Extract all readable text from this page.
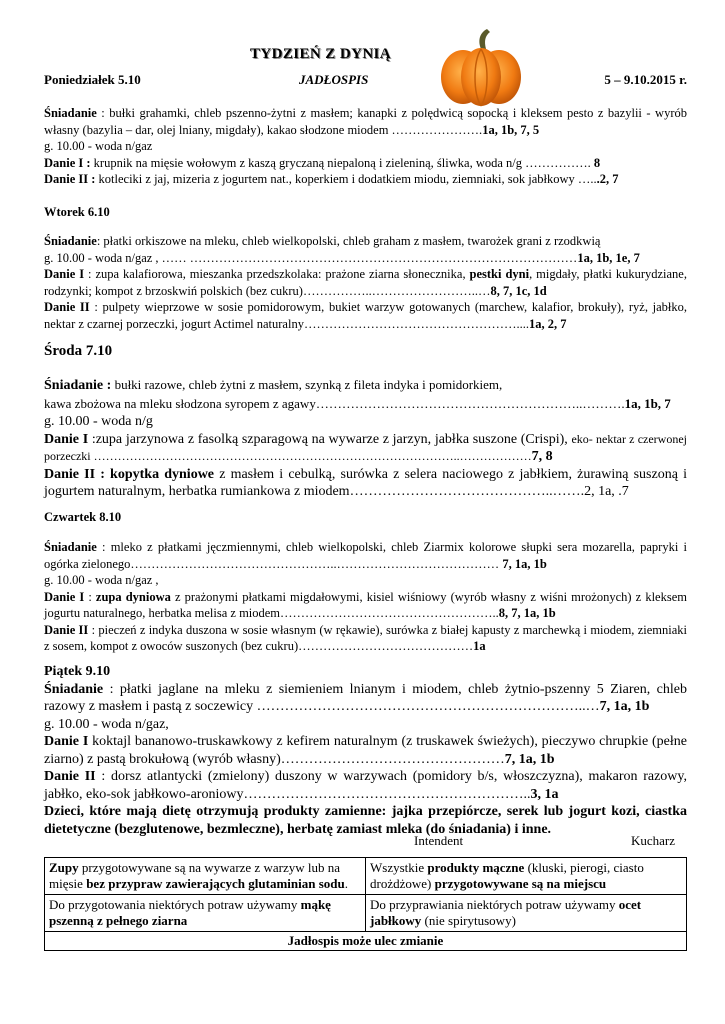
TYDZIEŃ Z DYNIĄ
Poniedziałek 5.10	JADŁOSPIS	5 – 9.10.2015 r.

Śniadanie : bułki grahamki, chleb pszenno-żytni z masłem; kanapki z polędwicą sopocką i kleksem pesto z bazylii - wyrób własny (bazylia – dar, olej lniany, migdały), kakao słodzone miodem ………………….1a, 1b, 7, 5

g. 10.00 - woda n/gaz

Danie I : krupnik na mięsie wołowym z kaszą gryczaną niepaloną i zieleniną, śliwka, woda n/g ……………. 8

Danie II : kotleciki z jaj, mizeria z jogurtem nat., koperkiem i dodatkiem miodu, ziemniaki, sok jabłkowy …...2, 7

Wtorek 6.10

Śniadanie: płatki orkiszowe na mleku, chleb wielkopolski, chleb graham z masłem, twarożek grani z rzodkwią

g. 10.00 - woda n/gaz , …… …………………………………………………………………………………1a, 1b, 1e, 7

Danie I : zupa kalafiorowa, mieszanka przedszkolaka: prażone ziarna słonecznika, pestki dyni, migdały, płatki kukurydziane, rodzynki; kompot z brzoskwiń polskich (bez cukru)……………..……………………..…8, 7, 1c, 1d

Danie II : pulpety wieprzowe w sosie pomidorowym, bukiet warzyw gotowanych (marchew, kalafior, brokuły), ryż, jabłko, nektar z czarnej porzeczki, jogurt Actimel naturalny……………………………………………....1a, 2, 7

Środa 7.10

Śniadanie : bułki razowe, chleb żytni z masłem, szynką z fileta indyka i pomidorkiem,

kawa zbożowa na mleku słodzona syropem z agawy……………………………………………………..……….1a, 1b, 7

g. 10.00 - woda n/g

Danie I :zupa jarzynowa z fasolką szparagową na wywarze z jarzyn, jabłka suszone (Crispi), eko- nektar z czerwonej porzeczki ………………………………………………………………………………..………………7, 8

Danie II : kopytka dyniowe z masłem i cebulką, surówka z selera naciowego z jabłkiem, żurawiną suszoną i jogurtem naturalnym, herbatka rumiankowa z miodem……………………………………..…….2, 1a, .7

Czwartek 8.10

Śniadanie : mleko z płatkami jęczmiennymi, chleb wielkopolski, chleb Ziarmix kolorowe słupki sera mozarella, papryki i ogórka zielonego…………………………………………..………………………………… 7, 1a, 1b

g. 10.00 - woda n/gaz ,

Danie I : zupa dyniowa z prażonymi płatkami migdałowymi, kisiel wiśniowy (wyrób własny z wiśni mrożonych) z kleksem jogurtu naturalnego, herbatka melisa z miodem……………………………………………..8, 7, 1a, 1b

Danie II : pieczeń z indyka duszona w sosie własnym (w rękawie), surówka z białej kapusty z marchewką i miodem, ziemniaki z sosem, kompot z owoców suszonych (bez cukru)……………………………………1a

Piątek 9.10

Śniadanie : płatki jaglane na mleku z siemieniem lnianym i miodem, chleb żytnio-pszenny 5 Ziaren, chleb razowy z masłem i pastą z soczewicy ……………………………………………………………..…7, 1a, 1b

g. 10.00 - woda n/gaz,

Danie I koktajl bananowo-truskawkowy z kefirem naturalnym (z truskawek świeżych), pieczywo chrupkie (pełne ziarno) z pastą brokułową (wyrób własny)…………………………………………7, 1a, 1b

Danie II : dorsz atlantycki (zmielony) duszony w warzywach (pomidory b/s, włoszczyzna), makaron razowy, jabłko, eko-sok jabłkowo-aroniowy……………………………………………………..3, 1a

Dzieci, które mają dietę otrzymują produkty zamienne: jajka przepiórcze, serek lub jogurt kozi, ciastka dietetyczne (bezglutenowe, bezmleczne), herbatę zamiast mleka (do śniadania) i inne.

Intendent	Kucharz
Zupy przygotowywane są na wywarze z warzyw lub na mięsie bez przypraw zawierających glutaminian sodu.	Wszystkie produkty mączne (kluski, pierogi, ciasto drożdżowe) przygotowywane są na miejscu
Do przygotowania niektórych potraw używamy mąkę pszenną z pełnego ziarna	Do przyprawiania niektórych potraw używamy ocet jabłkowy (nie spirytusowy)
Jadłospis może ulec zmianie	
